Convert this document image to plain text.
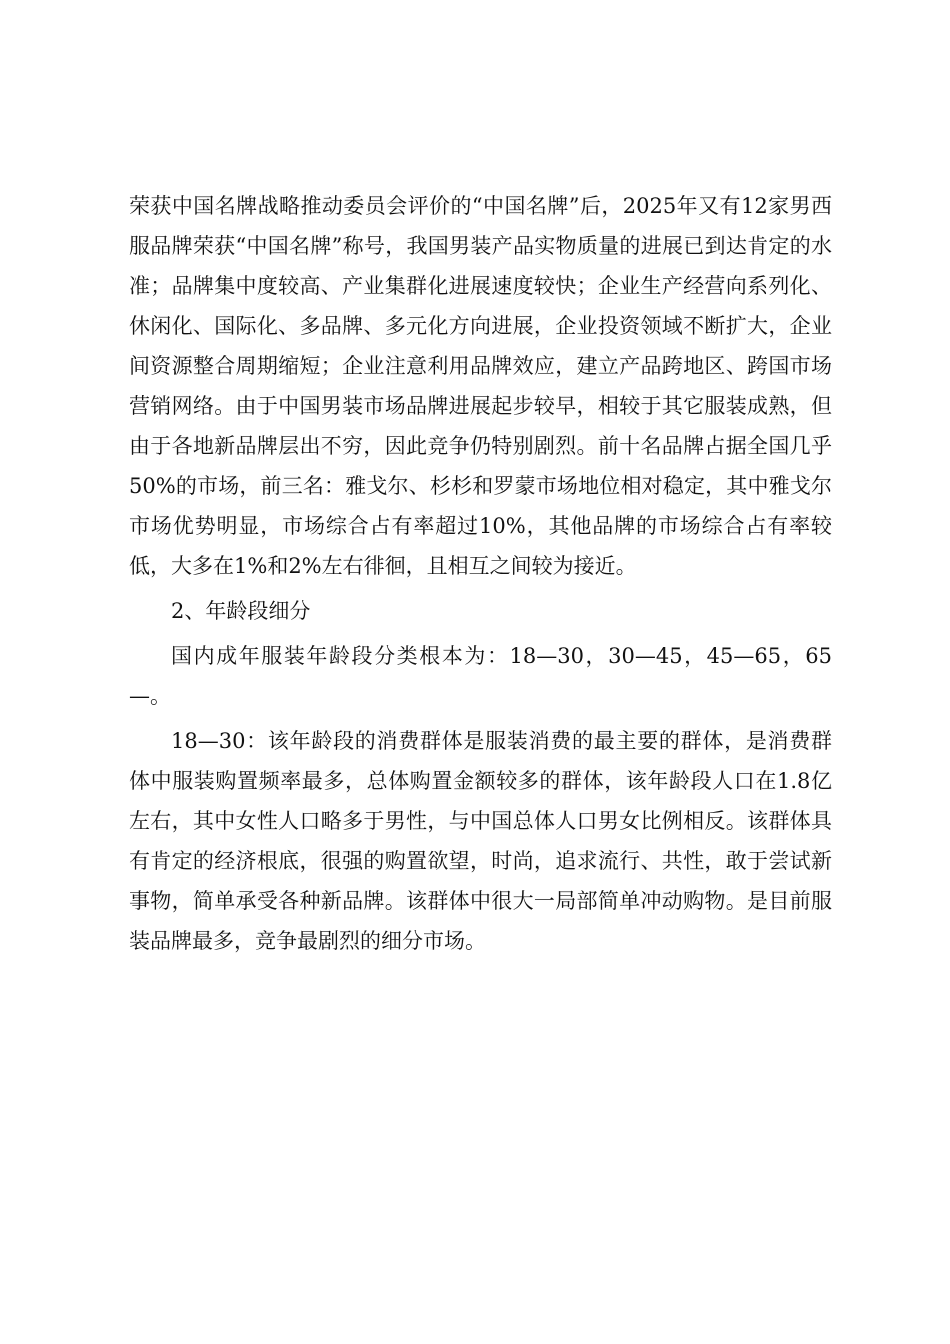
荣获中国名牌战略推动委员会评价的“中国名牌”后，2025年又有12家男西服品牌荣获“中国名牌”称号，我国男装产品实物质量的进展已到达肯定的水准；品牌集中度较高、产业集群化进展速度较快；企业生产经营向系列化、休闲化、国际化、多品牌、多元化方向进展，企业投资领域不断扩大，企业间资源整合周期缩短；企业注意利用品牌效应，建立产品跨地区、跨国市场营销网络。由于中国男装市场品牌进展起步较早，相较于其它服装成熟，但由于各地新品牌层出不穷，因此竞争仍特别剧烈。前十名品牌占据全国几乎50%的市场，前三名：雅戈尔、杉杉和罗蒙市场地位相对稳定，其中雅戈尔市场优势明显，市场综合占有率超过10%，其他品牌的市场综合占有率较低，大多在1%和2%左右徘徊，且相互之间较为接近。

2、年龄段细分

国内成年服装年龄段分类根本为：18—30，30—45，45—65，65—。

18—30：该年龄段的消费群体是服装消费的最主要的群体，是消费群体中服装购置频率最多，总体购置金额较多的群体，该年龄段人口在1.8亿左右，其中女性人口略多于男性，与中国总体人口男女比例相反。该群体具有肯定的经济根底，很强的购置欲望，时尚，追求流行、共性，敢于尝试新事物，简单承受各种新品牌。该群体中很大一局部简单冲动购物。是目前服装品牌最多，竞争最剧烈的细分市场。
